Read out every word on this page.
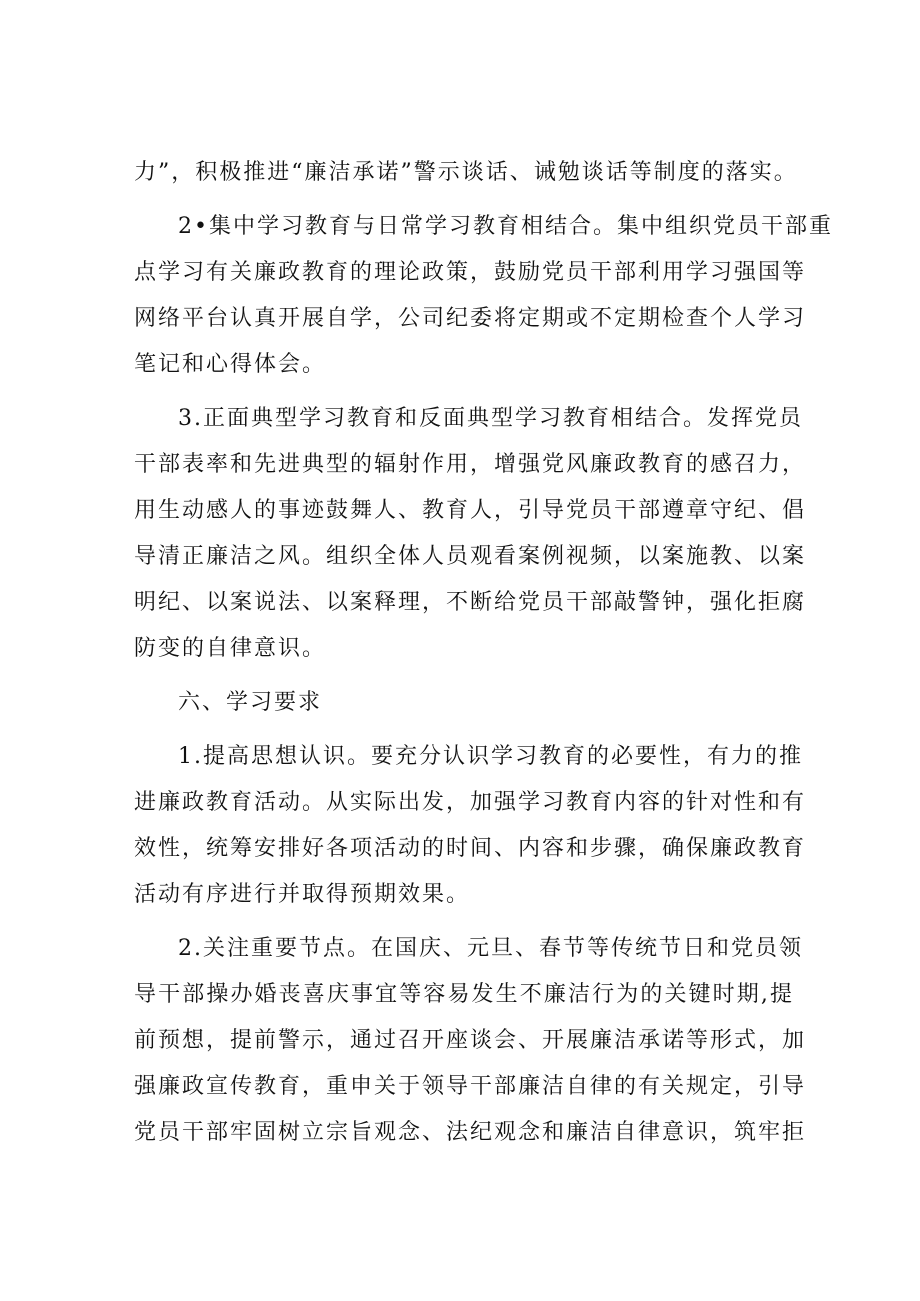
力”，积极推进“廉洁承诺”警示谈话、诫勉谈话等制度的落实。
2•集中学习教育与日常学习教育相结合。集中组织党员干部重
点学习有关廉政教育的理论政策，鼓励党员干部利用学习强国等
网络平台认真开展自学，公司纪委将定期或不定期检查个人学习
笔记和心得体会。
3.正面典型学习教育和反面典型学习教育相结合。发挥党员
干部表率和先进典型的辐射作用，增强党风廉政教育的感召力，
用生动感人的事迹鼓舞人、教育人，引导党员干部遵章守纪、倡
导清正廉洁之风。组织全体人员观看案例视频，以案施教、以案
明纪、以案说法、以案释理，不断给党员干部敲警钟，强化拒腐
防变的自律意识。
六、学习要求
1.提高思想认识。要充分认识学习教育的必要性，有力的推
进廉政教育活动。从实际出发，加强学习教育内容的针对性和有
效性，统筹安排好各项活动的时间、内容和步骤，确保廉政教育
活动有序进行并取得预期效果。
2.关注重要节点。在国庆、元旦、春节等传统节日和党员领
导干部操办婚丧喜庆事宜等容易发生不廉洁行为的关键时期,提
前预想，提前警示，通过召开座谈会、开展廉洁承诺等形式，加
强廉政宣传教育，重申关于领导干部廉洁自律的有关规定，引导
党员干部牢固树立宗旨观念、法纪观念和廉洁自律意识，筑牢拒
